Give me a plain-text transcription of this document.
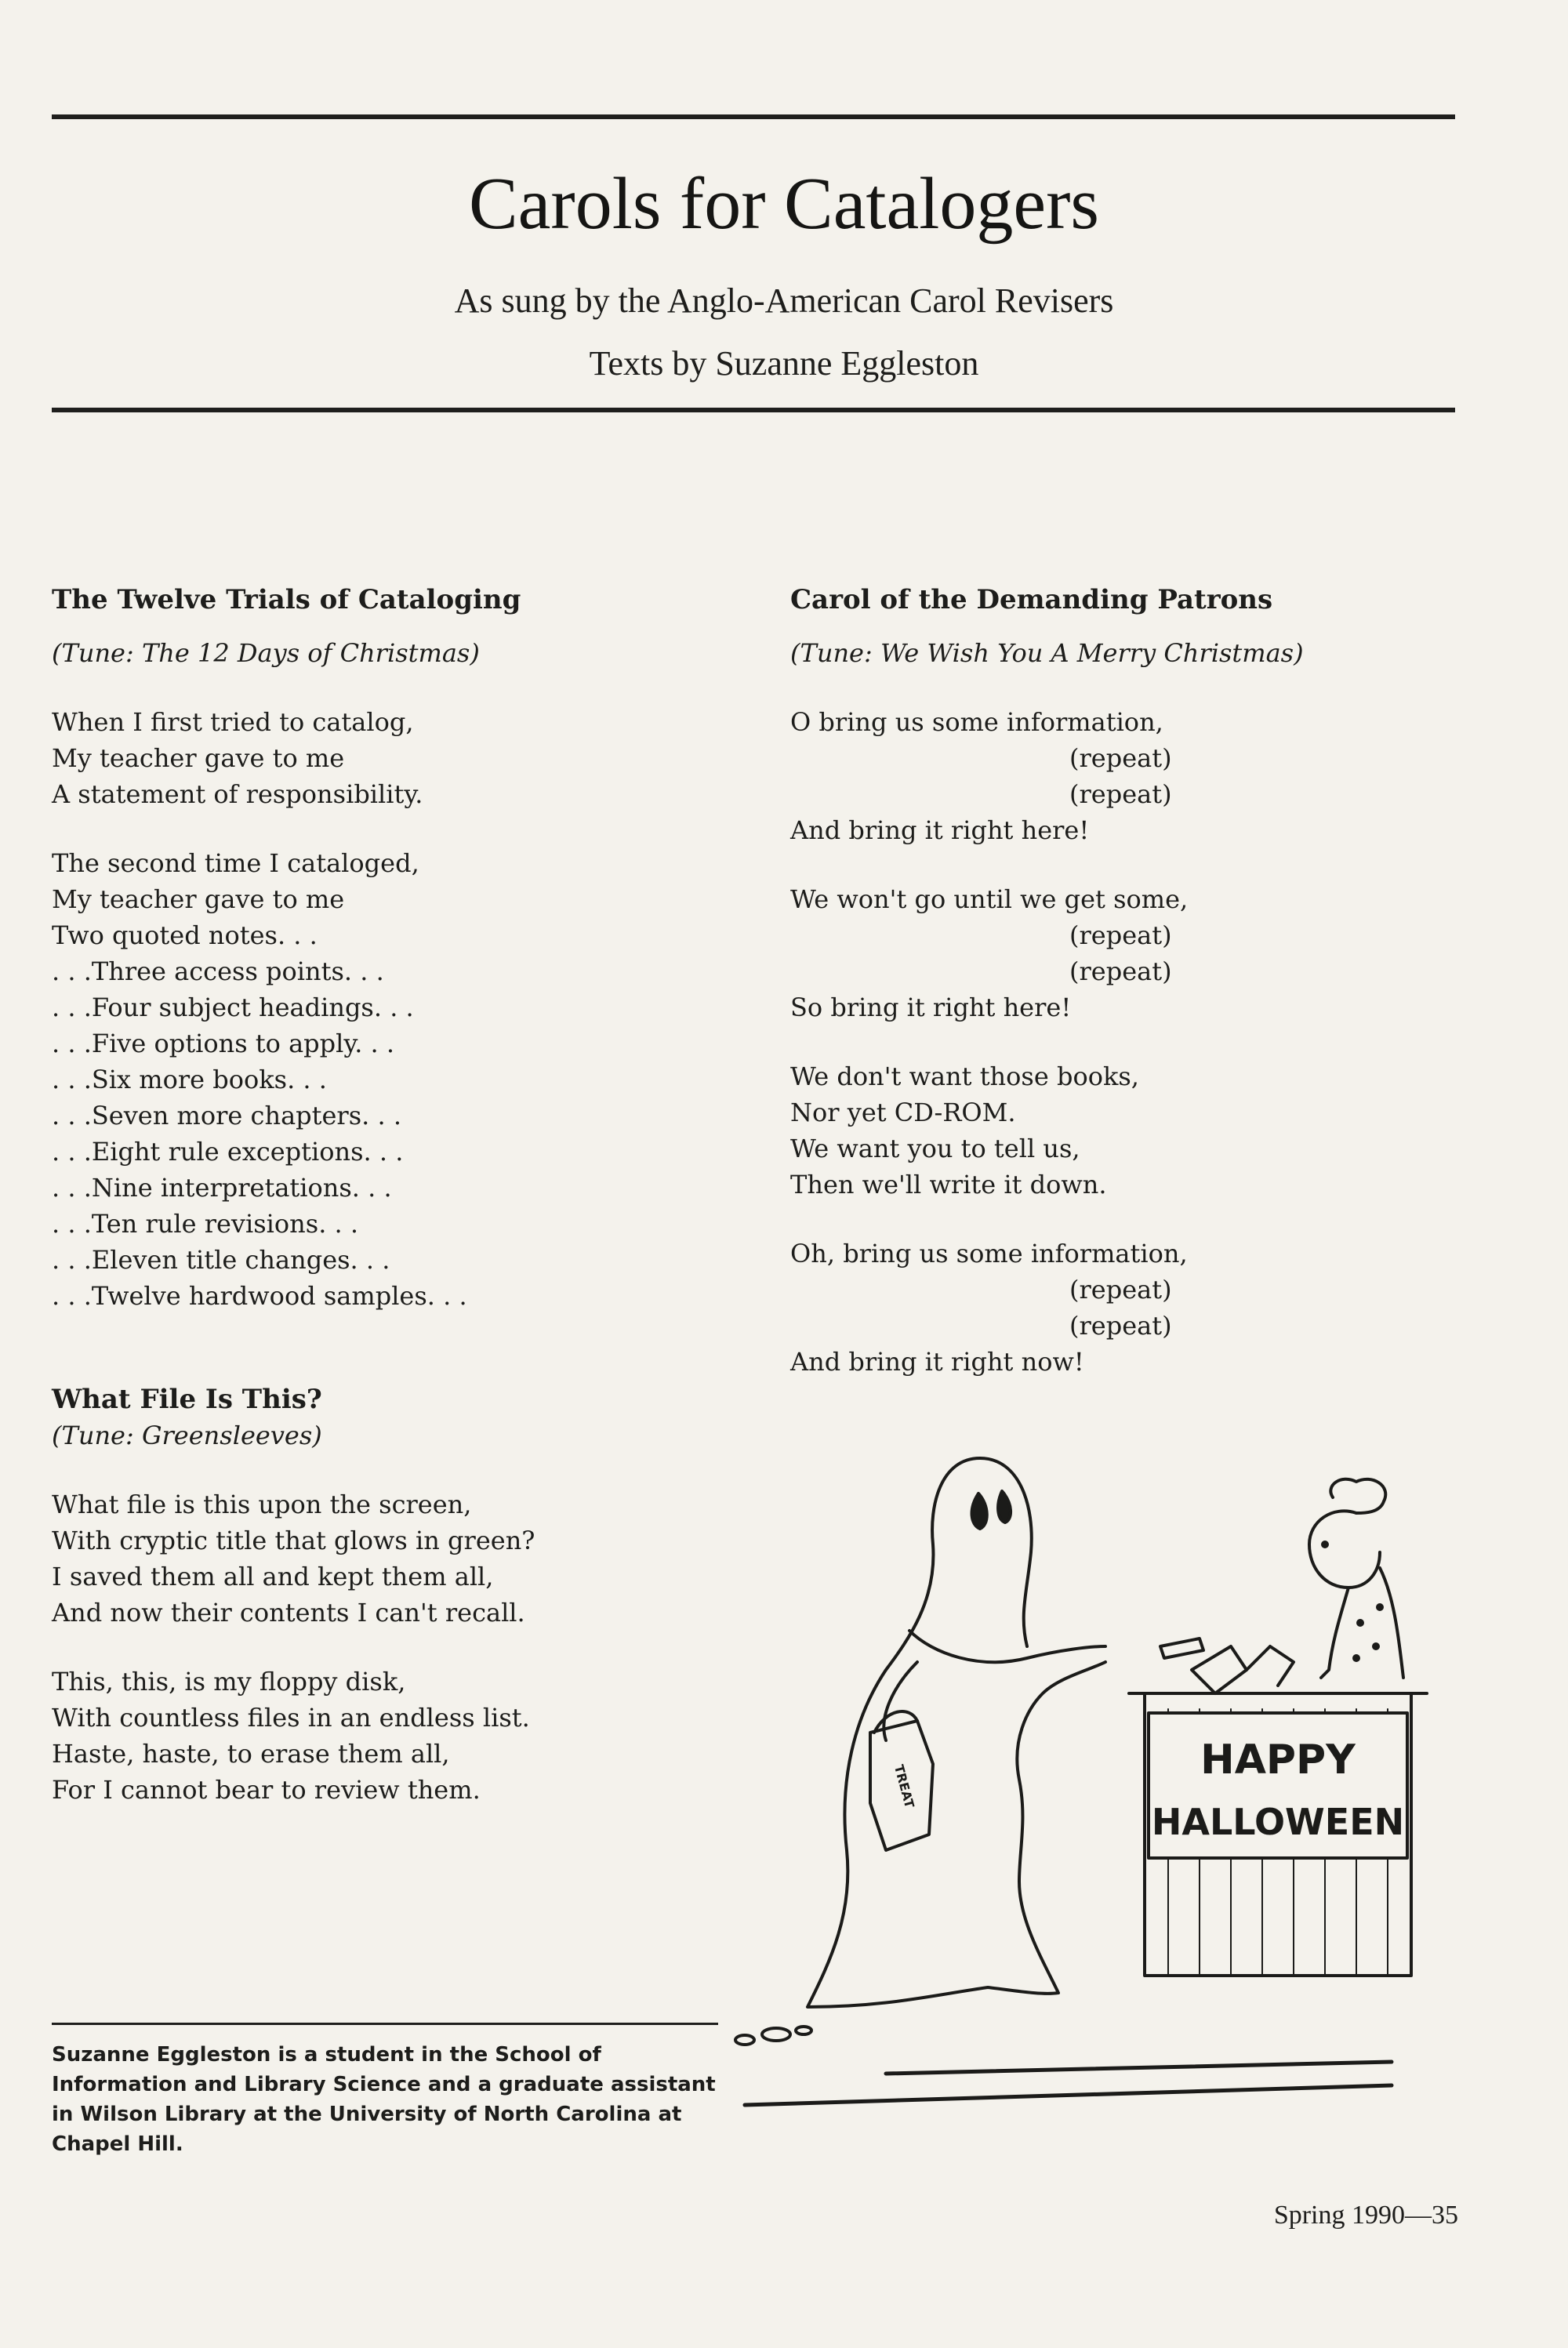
Carols for Catalogers
As sung by the Anglo-American Carol Revisers
Texts by Suzanne Eggleston
The Twelve Trials of Cataloging
(Tune: The 12 Days of Christmas)
When I first tried to catalog,
My teacher gave to me
A statement of responsibility.
The second time I cataloged,
My teacher gave to me
Two quoted notes. . .
. . .Three access points. . .
. . .Four subject headings. . .
. . .Five options to apply. . .
. . .Six more books. . .
. . .Seven more chapters. . .
. . .Eight rule exceptions. . .
. . .Nine interpretations. . .
. . .Ten rule revisions. . .
. . .Eleven title changes. . .
. . .Twelve hardwood samples. . .
What File Is This?
(Tune: Greensleeves)
What file is this upon the screen,
With cryptic title that glows in green?
I saved them all and kept them all,
And now their contents I can't recall.
This, this, is my floppy disk,
With countless files in an endless list.
Haste, haste, to erase them all,
For I cannot bear to review them.
Carol of the Demanding Patrons
(Tune: We Wish You A Merry Christmas)
O bring us some information,
(repeat)
(repeat)
And bring it right here!
We won't go until we get some,
(repeat)
(repeat)
So bring it right here!
We don't want those books,
Nor yet CD-ROM.
We want you to tell us,
Then we'll write it down.
Oh, bring us some information,
(repeat)
(repeat)
And bring it right now!
HAPPY
HALLOWEEN
TREAT
Suzanne Eggleston is a student in the School of Information and Library Science and a graduate assistant in Wilson Library at the University of North Carolina at Chapel Hill.
Spring 1990—35
